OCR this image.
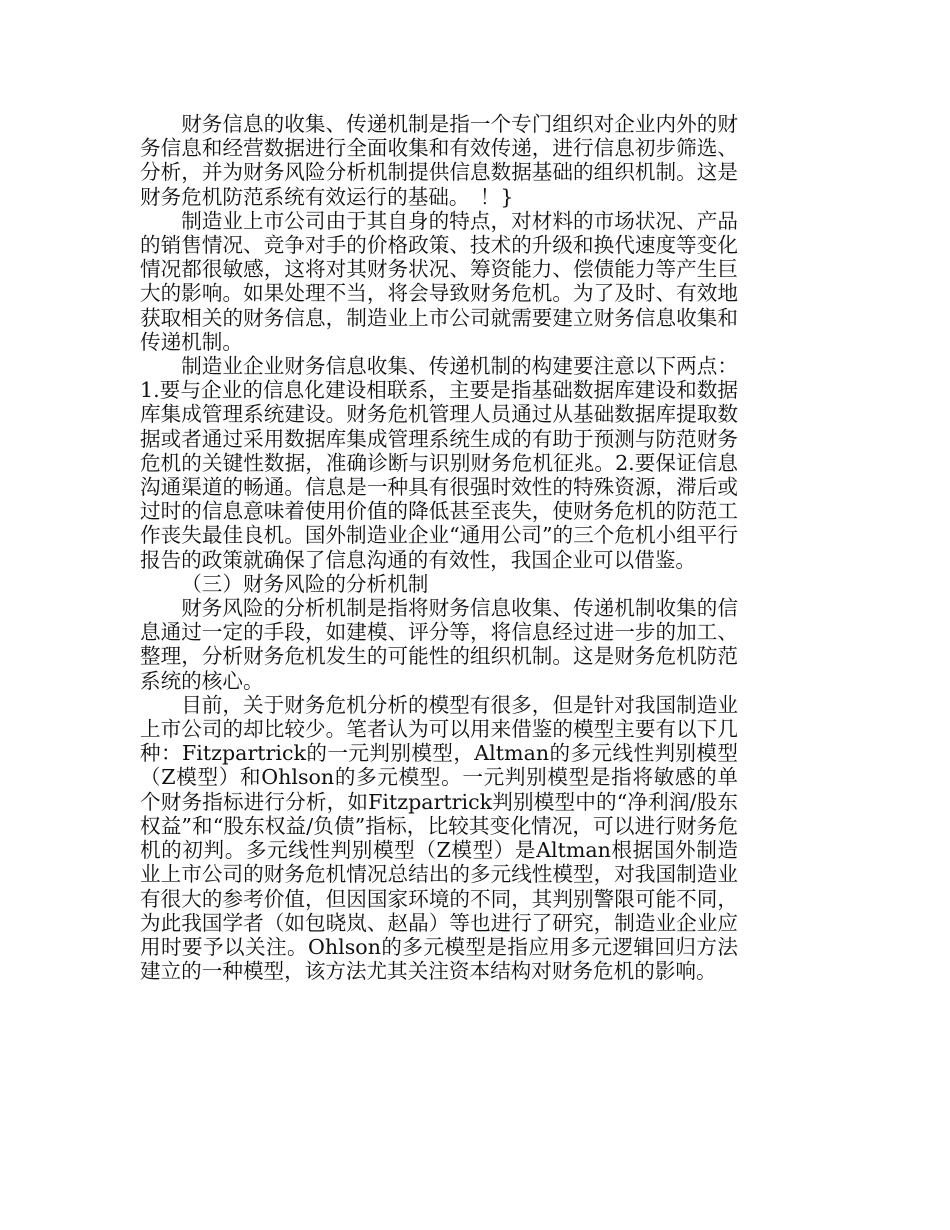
财务信息的收集、传递机制是指一个专门组织对企业内外的财务信息和经营数据进行全面收集和有效传递，进行信息初步筛选、分析，并为财务风险分析机制提供信息数据基础的组织机制。这是财务危机防范系统有效运行的基础。　！}

制造业上市公司由于其自身的特点，对材料的市场状况、产品的销售情况、竞争对手的价格政策、技术的升级和换代速度等变化情况都很敏感，这将对其财务状况、筹资能力、偿债能力等产生巨大的影响。如果处理不当，将会导致财务危机。为了及时、有效地获取相关的财务信息，制造业上市公司就需要建立财务信息收集和传递机制。

制造业企业财务信息收集、传递机制的构建要注意以下两点：1.要与企业的信息化建设相联系，主要是指基础数据库建设和数据库集成管理系统建设。财务危机管理人员通过从基础数据库提取数据或者通过采用数据库集成管理系统生成的有助于预测与防范财务危机的关键性数据，准确诊断与识别财务危机征兆。2.要保证信息沟通渠道的畅通。信息是一种具有很强时效性的特殊资源，滞后或过时的信息意味着使用价值的降低甚至丧失，使财务危机的防范工作丧失最佳良机。国外制造业企业“通用公司”的三个危机小组平行报告的政策就确保了信息沟通的有效性，我国企业可以借鉴。

（三）财务风险的分析机制

财务风险的分析机制是指将财务信息收集、传递机制收集的信息通过一定的手段，如建模、评分等，将信息经过进一步的加工、整理，分析财务危机发生的可能性的组织机制。这是财务危机防范系统的核心。

目前，关于财务危机分析的模型有很多，但是针对我国制造业上市公司的却比较少。笔者认为可以用来借鉴的模型主要有以下几种：Fitzpartrick的一元判别模型，Altman的多元线性判别模型（Z模型）和Ohlson的多元模型。一元判别模型是指将敏感的单个财务指标进行分析，如Fitzpartrick判别模型中的“净利润/股东权益”和“股东权益/负债”指标，比较其变化情况，可以进行财务危机的初判。多元线性判别模型（Z模型）是Altman根据国外制造业上市公司的财务危机情况总结出的多元线性模型，对我国制造业有很大的参考价值，但因国家环境的不同，其判别警限可能不同，为此我国学者（如包晓岚、赵晶）等也进行了研究，制造业企业应用时要予以关注。Ohlson的多元模型是指应用多元逻辑回归方法建立的一种模型，该方法尤其关注资本结构对财务危机的影响。
